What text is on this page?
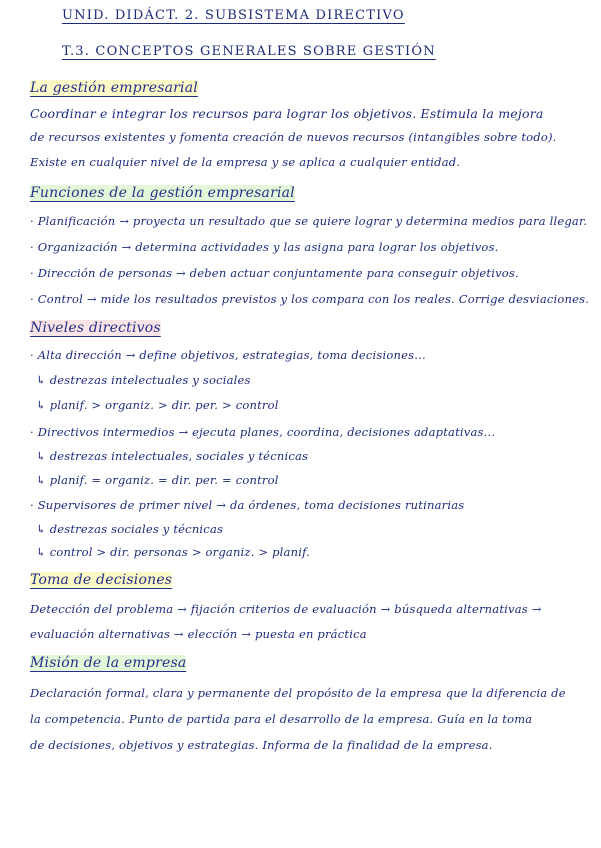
UNID. DIDÁCT. 2. SUBSISTEMA DIRECTIVO
T.3. CONCEPTOS GENERALES SOBRE GESTIÓN
La gestión empresarial
Coordinar e integrar los recursos para lograr los objetivos. Estimula la mejora
de recursos existentes y fomenta creación de nuevos recursos (intangibles sobre todo).
Existe en cualquier nivel de la empresa y se aplica a cualquier entidad.
Funciones de la gestión empresarial
· Planificación → proyecta un resultado que se quiere lograr y determina medios para llegar.
· Organización → determina actividades y las asigna para lograr los objetivos.
· Dirección de personas → deben actuar conjuntamente para conseguir objetivos.
· Control → mide los resultados previstos y los compara con los reales. Corrige desviaciones.
Niveles directivos
· Alta dirección → define objetivos, estrategias, toma decisiones...
↳ destrezas intelectuales y sociales
↳ planif. > organiz. > dir. per. > control
· Directivos intermedios → ejecuta planes, coordina, decisiones adaptativas...
↳ destrezas intelectuales, sociales y técnicas
↳ planif. = organiz. = dir. per. = control
· Supervisores de primer nivel → da órdenes, toma decisiones rutinarias
↳ destrezas sociales y técnicas
↳ control > dir. personas > organiz. > planif.
Toma de decisiones
Detección del problema → fijación criterios de evaluación → búsqueda alternativas →
evaluación alternativas → elección → puesta en práctica
Misión de la empresa
Declaración formal, clara y permanente del propósito de la empresa que la diferencia de
la competencia. Punto de partida para el desarrollo de la empresa. Guía en la toma
de decisiones, objetivos y estrategias. Informa de la finalidad de la empresa.
